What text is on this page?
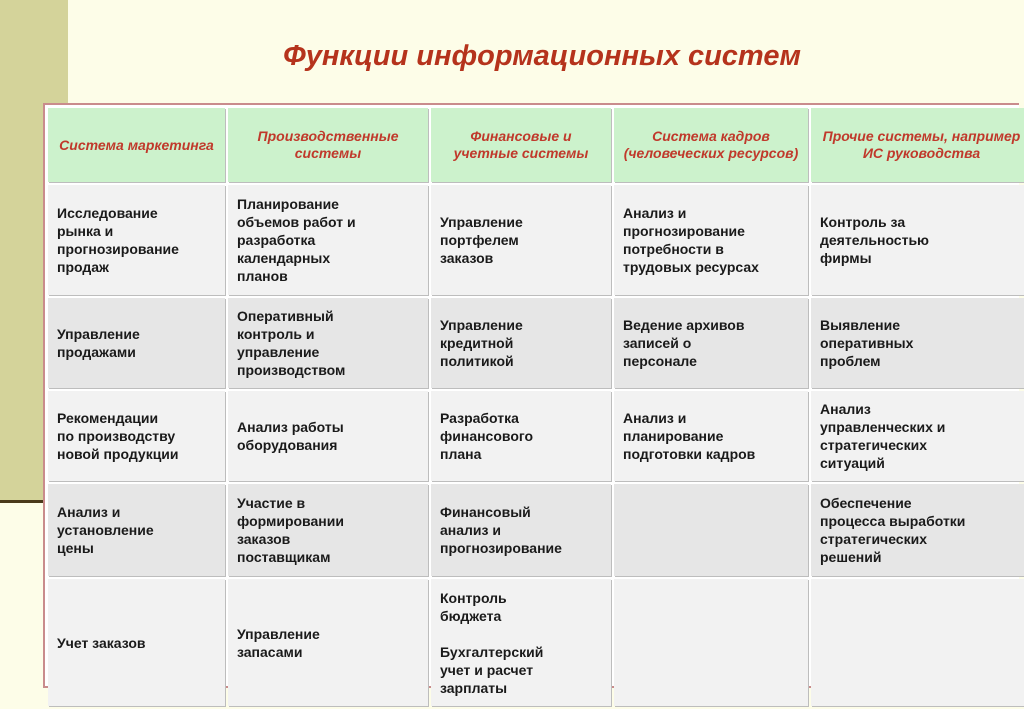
Функции информационных систем
Система маркетинга
Производственные системы
Финансовые и учетные системы
Система кадров (человеческих ресурсов)
Прочие системы, например ИС руководства
Исследование
рынка и
прогнозирование
продаж
Планирование
объемов работ и
разработка
календарных
планов
Управление
портфелем
заказов
Анализ и
прогнозирование
потребности в
трудовых ресурсах
Контроль за
деятельностью
фирмы
Управление
продажами
Оперативный
контроль и
управление
производством
Управление
кредитной
политикой
Ведение архивов
записей о
персонале
Выявление
оперативных
проблем
Рекомендации
по производству
новой продукции
Анализ работы
оборудования
Разработка
финансового
плана
Анализ и
планирование
подготовки кадров
Анализ
управленческих и
стратегических
ситуаций
Анализ и
установление
цены
Участие в
формировании
заказов
поставщикам
Финансовый
анализ и
прогнозирование
Обеспечение
процесса выработки
стратегических
решений
Учет заказов
Управление
запасами
Контроль
бюджета
Бухгалтерский
учет и расчет
зарплаты
